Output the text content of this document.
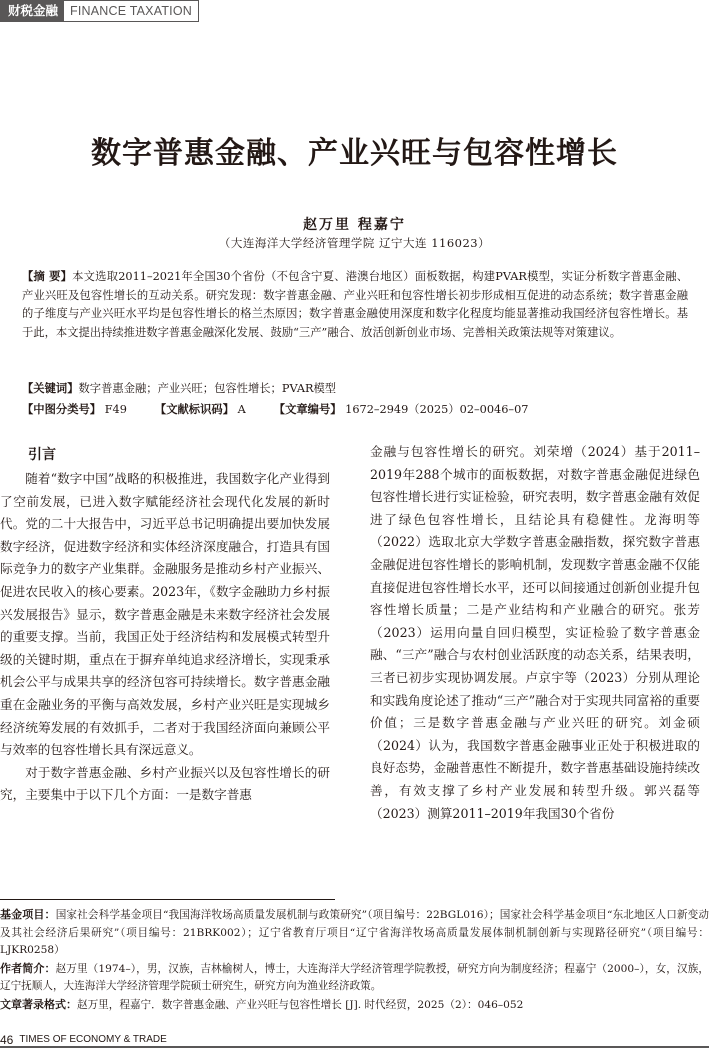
财税金融 FINANCE TAXATION
数字普惠金融、产业兴旺与包容性增长
赵万里 程嘉宁
（大连海洋大学经济管理学院 辽宁大连 116023）
【摘 要】本文选取2011–2021年全国30个省份（不包含宁夏、港澳台地区）面板数据，构建PVAR模型，实证分析数字普惠金融、产业兴旺及包容性增长的互动关系。研究发现：数字普惠金融、产业兴旺和包容性增长初步形成相互促进的动态系统；数字普惠金融的子维度与产业兴旺水平均是包容性增长的格兰杰原因；数字普惠金融使用深度和数字化程度均能显著推动我国经济包容性增长。基于此，本文提出持续推进数字普惠金融深化发展、鼓励“三产”融合、放活创新创业市场、完善相关政策法规等对策建议。
【关键词】数字普惠金融；产业兴旺；包容性增长；PVAR模型
【中图分类号】 F49 【文献标识码】 A 【文章编号】 1672–2949（2025）02–0046–07
引言

随着“数字中国”战略的积极推进，我国数字化产业得到了空前发展，已进入数字赋能经济社会现代化发展的新时代。党的二十大报告中，习近平总书记明确提出要加快发展数字经济，促进数字经济和实体经济深度融合，打造具有国际竞争力的数字产业集群。金融服务是推动乡村产业振兴、促进农民收入的核心要素。2023年，《数字金融助力乡村振兴发展报告》显示，数字普惠金融是未来数字经济社会发展的重要支撑。当前，我国正处于经济结构和发展模式转型升级的关键时期，重点在于摒弃单纯追求经济增长，实现秉承机会公平与成果共享的经济包容可持续增长。数字普惠金融重在金融业务的平衡与高效发展，乡村产业兴旺是实现城乡经济统筹发展的有效抓手，二者对于我国经济面向兼顾公平与效率的包容性增长具有深远意义。

对于数字普惠金融、乡村产业振兴以及包容性增长的研究，主要集中于以下几个方面：一是数字普惠

金融与包容性增长的研究。刘荣增（2024）基于2011–2019年288个城市的面板数据，对数字普惠金融促进绿色包容性增长进行实证检验，研究表明，数字普惠金融有效促进了绿色包容性增长，且结论具有稳健性。龙海明等（2022）选取北京大学数字普惠金融指数，探究数字普惠金融促进包容性增长的影响机制，发现数字普惠金融不仅能直接促进包容性增长水平，还可以间接通过创新创业提升包容性增长质量；二是产业结构和产业融合的研究。张芳（2023）运用向量自回归模型，实证检验了数字普惠金融、“三产”融合与农村创业活跃度的动态关系，结果表明，三者已初步实现协调发展。卢京宇等（2023）分别从理论和实践角度论述了推动“三产”融合对于实现共同富裕的重要价值；三是数字普惠金融与产业兴旺的研究。刘金硕（2024）认为，我国数字普惠金融事业正处于积极进取的良好态势，金融普惠性不断提升，数字普惠基础设施持续改善，有效支撑了乡村产业发展和转型升级。郭兴磊等（2023）测算2011–2019年我国30个省份

基金项目：国家社会科学基金项目“我国海洋牧场高质量发展机制与政策研究”（项目编号：22BGL016）；国家社会科学基金项目“东北地区人口新变动及其社会经济后果研究”（项目编号：21BRK002）；辽宁省教育厅项目“辽宁省海洋牧场高质量发展体制机制创新与实现路径研究”（项目编号：LJKR0258）

作者简介：赵万里（1974–），男，汉族，吉林榆树人，博士，大连海洋大学经济管理学院教授，研究方向为制度经济；程嘉宁（2000–），女，汉族，辽宁抚顺人，大连海洋大学经济管理学院硕士研究生，研究方向为渔业经济政策。

文章著录格式：赵万里，程嘉宁．数字普惠金融、产业兴旺与包容性增长 [J]. 时代经贸，2025（2）：046–052

46 TIMES OF ECONOMY & TRADE
